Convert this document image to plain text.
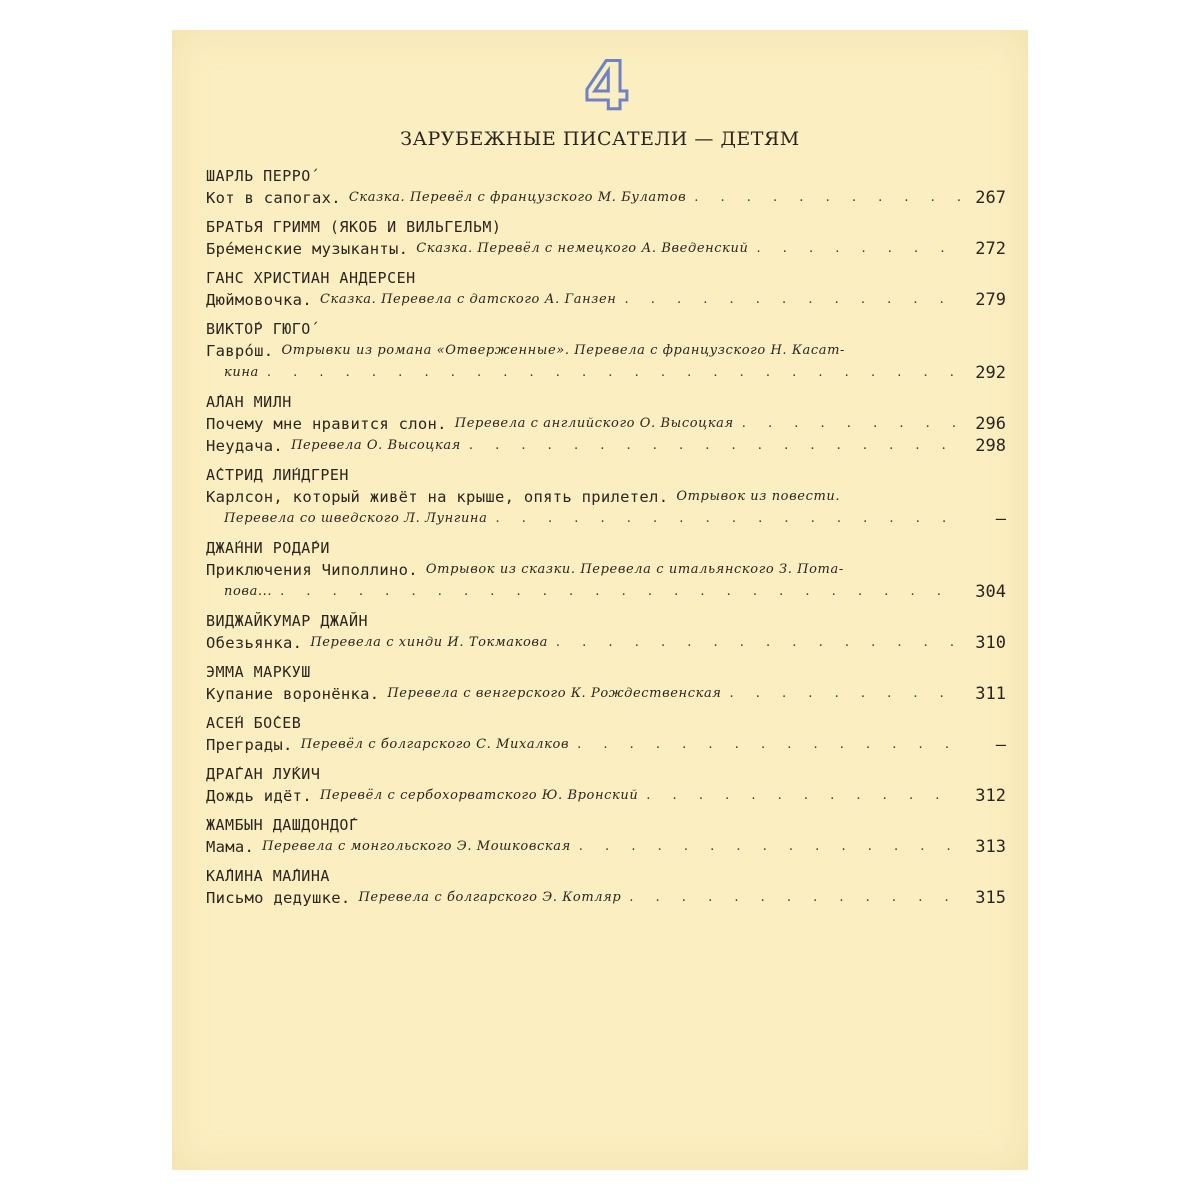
4
ЗАРУБЕЖНЫЕ ПИСАТЕЛИ — ДЕТЯМ
ШАРЛЬ ПЕРРО́
Кот в сапогах. Сказка. Перевёл с французского М. Булатов . . .	267
БРАТЬЯ ГРИММ (ЯКОБ И ВИЛЬГЕЛЬМ)
Бре́менские музыканты. Сказка. Перевёл с немецкого А. Введенский . . .	272
ГАНС ХРИСТИАН АНДЕРСЕН
Дюймовочка. Сказка. Перевела с датского А. Ганзен . . .	279
ВИКТО́Р ГЮГО́
Гавро́ш. Отрывки из романа «Отверженные». Перевела с французского Н. Касат-
кина . . .	292
А́ЛАН МИЛН
Почему мне нравится слон. Перевела с английского О. Высоцкая . . .	296
Неудача. Перевела О. Высоцкая . . .	298
А́СТРИД ЛИ́НДГРЕН
Карлсон, который живёт на крыше, опять прилетел. Отрывок из повести.
Перевела со шведского Л. Лунгина . . .	—
ДЖА́ННИ РОДА́РИ
Приключения Чиполлино. Отрывок из сказки. Перевела с итальянского З. Пота-
пова... . . .	304
ВИДЖАЙКУМАР ДЖАЙН
Обезьянка. Перевела с хинди И. Токмакова . . .	310
ЭММА МАРКУШ
Купание воронёнка. Перевела с венгерского К. Рождественская . . .	311
АСЕ́Н БО́СЕВ
Преграды. Перевёл с болгарского С. Михалков . . .	—
ДРА́ГАН ЛУ́КИЧ
Дождь идёт. Перевёл с сербохорватского Ю. Вронский . . .	312
ЖАМБЫН ДАШДОНДО́Г
Мама. Перевела с монгольского Э. Мошковская . . .	313
КА́ЛИНА МА́ЛИНА
Письмо дедушке. Перевела с болгарского Э. Котляр . . .	315
